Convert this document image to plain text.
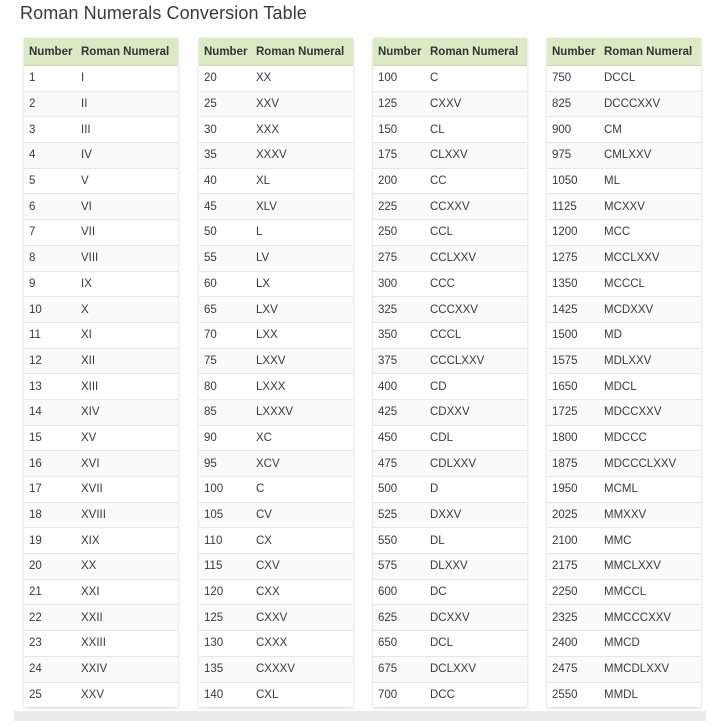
Roman Numerals Conversion Table
Number	Roman Numeral
1	I
2	II
3	III
4	IV
5	V
6	VI
7	VII
8	VIII
9	IX
10	X
11	XI
12	XII
13	XIII
14	XIV
15	XV
16	XVI
17	XVII
18	XVIII
19	XIX
20	XX
21	XXI
22	XXII
23	XXIII
24	XXIV
25	XXV
Number	Roman Numeral
20	XX
25	XXV
30	XXX
35	XXXV
40	XL
45	XLV
50	L
55	LV
60	LX
65	LXV
70	LXX
75	LXXV
80	LXXX
85	LXXXV
90	XC
95	XCV
100	C
105	CV
110	CX
115	CXV
120	CXX
125	CXXV
130	CXXX
135	CXXXV
140	CXL
Number	Roman Numeral
100	C
125	CXXV
150	CL
175	CLXXV
200	CC
225	CCXXV
250	CCL
275	CCLXXV
300	CCC
325	CCCXXV
350	CCCL
375	CCCLXXV
400	CD
425	CDXXV
450	CDL
475	CDLXXV
500	D
525	DXXV
550	DL
575	DLXXV
600	DC
625	DCXXV
650	DCL
675	DCLXXV
700	DCC
Number	Roman Numeral
750	DCCL
825	DCCCXXV
900	CM
975	CMLXXV
1050	ML
1125	MCXXV
1200	MCC
1275	MCCLXXV
1350	MCCCL
1425	MCDXXV
1500	MD
1575	MDLXXV
1650	MDCL
1725	MDCCXXV
1800	MDCCC
1875	MDCCCLXXV
1950	MCML
2025	MMXXV
2100	MMC
2175	MMCLXXV
2250	MMCCL
2325	MMCCCXXV
2400	MMCD
2475	MMCDLXXV
2550	MMDL
